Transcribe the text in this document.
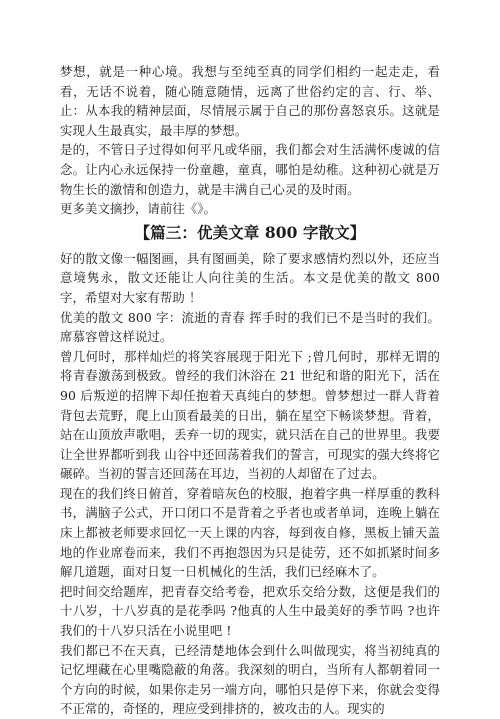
梦想，就是一种心境。我想与至纯至真的同学们相约一起走走，看看，无话不说着，随心随意随情，远离了世俗约定的言、行、举、止：从本我的精神层面，尽情展示属于自己的那份喜怒哀乐。这就是实现人生最真实，最丰厚的梦想。

是的，不管日子过得如何平凡或华丽，我们都会对生活满怀虔诚的信念。让内心永远保持一份童趣，童真，哪怕是幼稚。这种初心就是万物生长的激情和创造力，就是丰满自己心灵的及时雨。

更多美文摘抄，请前往《》。

【篇三：优美文章 800 字散文】

好的散文像一幅图画，具有图画美，除了要求感情灼烈以外，还应当意境隽永，散文还能让人向往美的生活。本文是优美的散文 800 字，希望对大家有帮助 ！

优美的散文 800 字：流逝的青春 挥手时的我们已不是当时的我们。席慕容曾这样说过。

曾几何时，那样灿烂的将笑容展现于阳光下 ;曾几何时，那样无谓的将青春激荡到极致。曾经的我们沐浴在 21 世纪和谐的阳光下，活在 90 后叛逆的招牌下却任抱着天真纯白的梦想。曾梦想过一群人背着背包去荒野，爬上山顶看最美的日出，躺在星空下畅谈梦想。背着，站在山顶放声歌唱，丢弃一切的现实，就只活在自己的世界里。我要让全世界都听到我 山谷中还回荡着我们的誓言，可现实的强大终将它碾碎。当初的誓言还回荡在耳边，当初的人却留在了过去。

现在的我们终日俯首，穿着暗灰色的校服，抱着字典一样厚重的教科书，满脑子公式，开口闭口不是背着之乎者也或者单词，连晚上躺在床上都被老师要求回忆一天上课的内容，每到夜自修，黑板上铺天盖地的作业席卷而来，我们不再抱怨因为只是徒劳，还不如抓紧时间多解几道题，面对日复一日机械化的生活，我们已经麻木了。

把时间交给题库，把青春交给考卷，把欢乐交给分数，这便是我们的十八岁，十八岁真的是花季吗 ?他真的人生中最美好的季节吗 ?也许我们的十八岁只活在小说里吧 !

我们都已不在天真，已经清楚地体会到什么叫做现实，将当初纯真的记忆埋藏在心里嘴隐蔽的角落。我深刻的明白，当所有人都朝着同一个方向的时候，如果你走另一端方向，哪怕只是停下来，你就会变得不正常的，奇怪的，理应受到排挤的，被攻击的人。现实的
